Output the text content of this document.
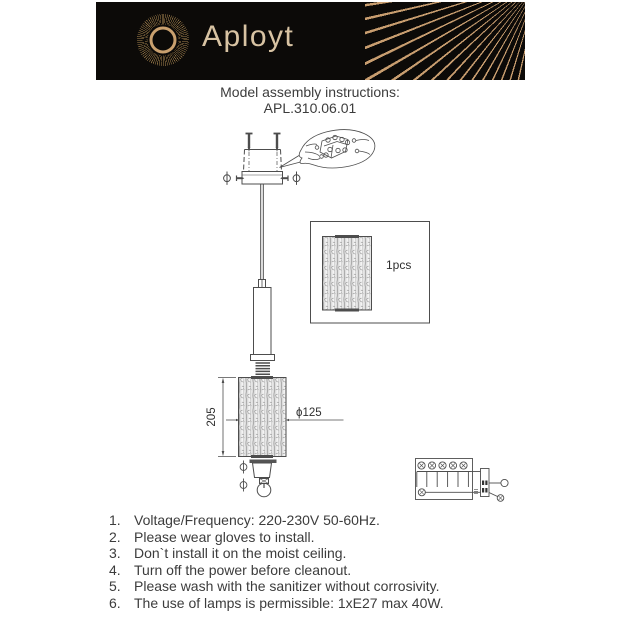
Aployt
Model assembly instructions:
APL.310.06.01
205	ϕ125
1pcs
1. Voltage/Frequency: 220-230V 50-60Hz.
2. Please wear gloves to install.
3. Don`t install it on the moist ceiling.
4. Turn off the power before cleanout.
5. Please wash with the sanitizer without corrosivity.
6. The use of lamps is permissible: 1xE27 max 40W.
